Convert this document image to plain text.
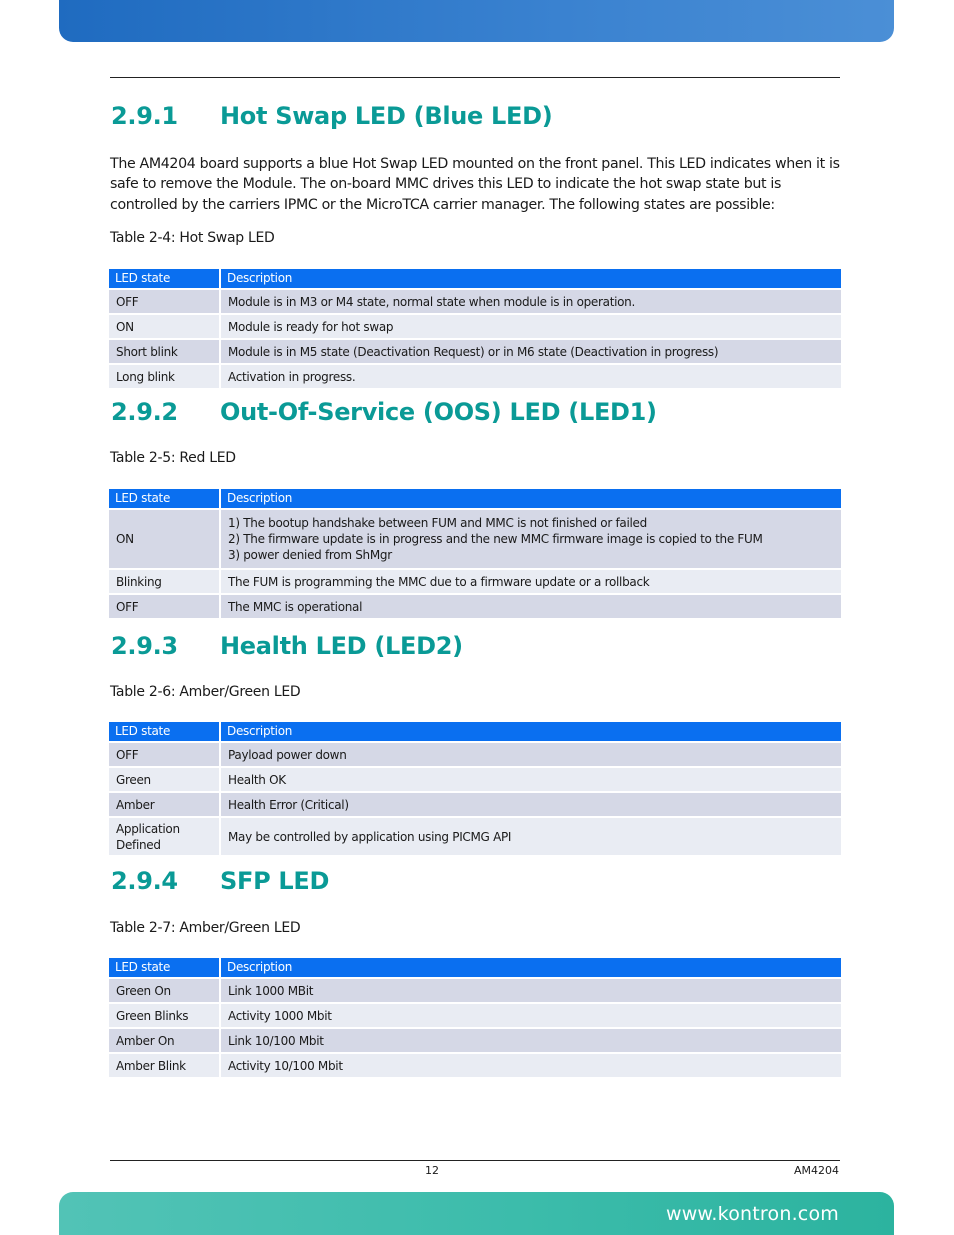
2.9.1 Hot Swap LED (Blue LED)

The AM4204 board supports a blue Hot Swap LED mounted on the front panel. This LED indicates when it is safe to remove the Module. The on-board MMC drives this LED to indicate the hot swap state but is controlled by the carriers IPMC or the MicroTCA carrier manager. The following states are possible:

Table 2-4: Hot Swap LED

LED state	Description
OFF	Module is in M3 or M4 state, normal state when module is in operation.
ON	Module is ready for hot swap
Short blink	Module is in M5 state (Deactivation Request) or in M6 state (Deactivation in progress)
Long blink	Activation in progress.
2.9.2 Out-Of-Service (OOS) LED (LED1)

Table 2-5: Red LED

LED state	Description
ON	1) The bootup handshake between FUM and MMC is not finished or failed
2) The firmware update is in progress and the new MMC firmware image is copied to the FUM
3) power denied from ShMgr

Blinking	The FUM is programming the MMC due to a firmware update or a rollback
OFF	The MMC is operational
2.9.3 Health LED (LED2)

Table 2-6: Amber/Green LED

LED state	Description
OFF	Payload power down
Green	Health OK
Amber	Health Error (Critical)

Application
Defined	May be controlled by application using PICMG API
2.9.4 SFP LED

Table 2-7: Amber/Green LED

LED state	Description
Green On	Link 1000 MBit
Green Blinks	Activity 1000 Mbit
Amber On	Link 10/100 Mbit
Amber Blink	Activity 10/100 Mbit
12	AM4204
www.kontron.com
